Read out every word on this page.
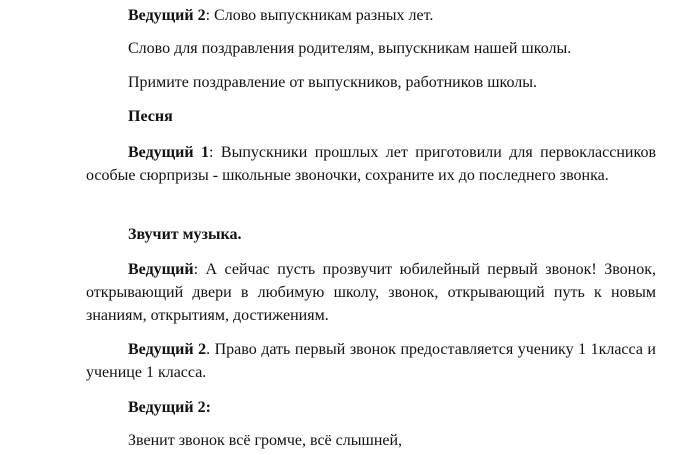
Ведущий 2: Слово выпускникам разных лет.

Слово для поздравления родителям, выпускникам нашей школы.

Примите поздравление от выпускников, работников школы.

Песня

Ведущий 1: Выпускники прошлых лет приготовили для первоклассников особые сюрпризы - школьные звоночки, сохраните их до последнего звонка.

Звучит музыка.

Ведущий: А сейчас пусть прозвучит юбилейный первый звонок! Звонок, открывающий двери в любимую школу, звонок, открывающий путь к новым знаниям, открытиям, достижениям.

Ведущий 2. Право дать первый звонок предоставляется ученику 1 1класса и ученице 1 класса.

Ведущий 2:

Звенит звонок всё громче, всё слышней,
